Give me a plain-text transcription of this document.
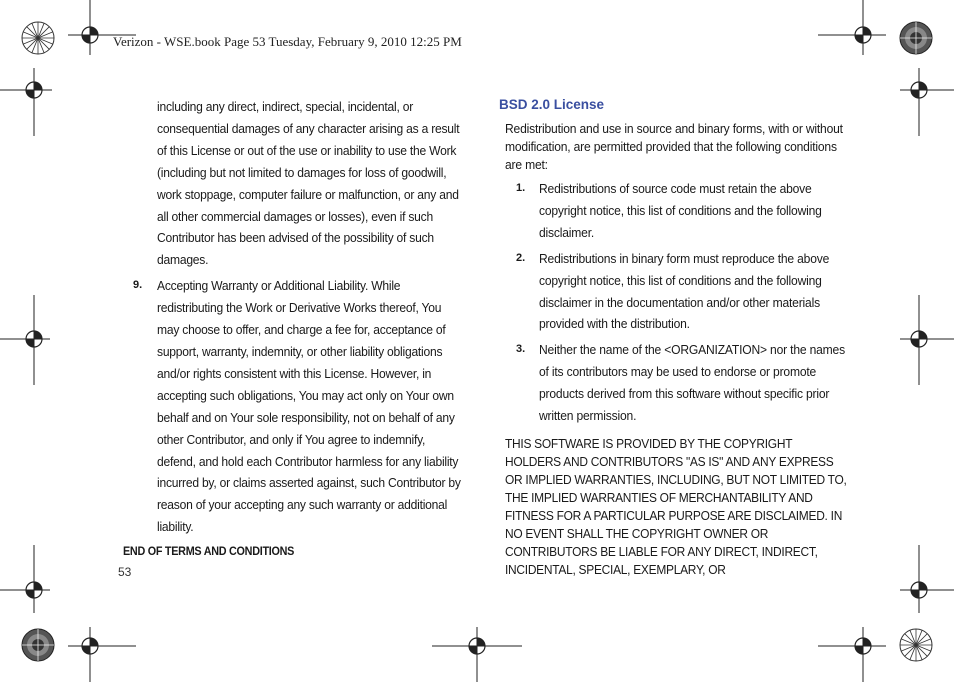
Verizon - WSE.book Page 53 Tuesday, February 9, 2010 12:25 PM
including any direct, indirect, special, incidental, or consequential damages of any character arising as a result of this License or out of the use or inability to use the Work (including but not limited to damages for loss of goodwill, work stoppage, computer failure or malfunction, or any and all other commercial damages or losses), even if such Contributor has been advised of the possibility of such damages.
9. Accepting Warranty or Additional Liability. While redistributing the Work or Derivative Works thereof, You may choose to offer, and charge a fee for, acceptance of support, warranty, indemnity, or other liability obligations and/or rights consistent with this License. However, in accepting such obligations, You may act only on Your own behalf and on Your sole responsibility, not on behalf of any other Contributor, and only if You agree to indemnify, defend, and hold each Contributor harmless for any liability incurred by, or claims asserted against, such Contributor by reason of your accepting any such warranty or additional liability.
END OF TERMS AND CONDITIONS
53
BSD 2.0 License
Redistribution and use in source and binary forms, with or without modification, are permitted provided that the following conditions are met:
1. Redistributions of source code must retain the above copyright notice, this list of conditions and the following disclaimer.
2. Redistributions in binary form must reproduce the above copyright notice, this list of conditions and the following disclaimer in the documentation and/or other materials provided with the distribution.
3. Neither the name of the <ORGANIZATION> nor the names of its contributors may be used to endorse or promote products derived from this software without specific prior written permission.
THIS SOFTWARE IS PROVIDED BY THE COPYRIGHT HOLDERS AND CONTRIBUTORS "AS IS" AND ANY EXPRESS OR IMPLIED WARRANTIES, INCLUDING, BUT NOT LIMITED TO, THE IMPLIED WARRANTIES OF MERCHANTABILITY AND FITNESS FOR A PARTICULAR PURPOSE ARE DISCLAIMED. IN NO EVENT SHALL THE COPYRIGHT OWNER OR CONTRIBUTORS BE LIABLE FOR ANY DIRECT, INDIRECT, INCIDENTAL, SPECIAL, EXEMPLARY, OR
